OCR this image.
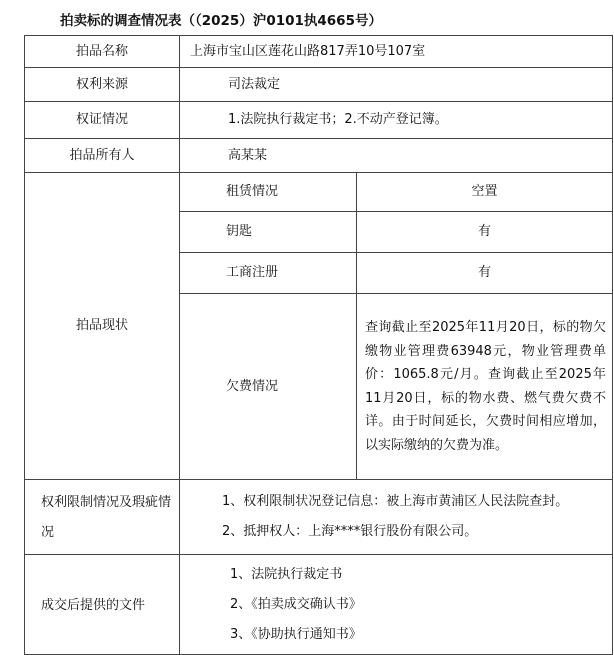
拍卖标的调查情况表（（2025）沪0101执4665号）
拍品名称	上海市宝山区莲花山路817弄10号107室	
权利来源	司法裁定	
权证情况	1.法院执行裁定书；2.不动产登记簿。	
拍品所有人	高某某	
拍品现状	租赁情况	空置
	钥匙	有
	工商注册	有
	欠费情况	查询截止至2025年11月20日，标的物欠缴物业管理费63948元，物业管理费单价：1065.8元/月。查询截止至2025年11月20日，标的物水费、燃气费欠费不详。由于时间延长，欠费时间相应增加，以实际缴纳的欠费为准。
权利限制情况及瑕疵情况	1、权利限制状况登记信息：被上海市黄浦区人民法院查封。
2、抵押权人：上海****银行股份有限公司。	

成交后提供的文件	1、法院执行裁定书
2、《拍卖成交确认书》
3、《协助执行通知书》	
